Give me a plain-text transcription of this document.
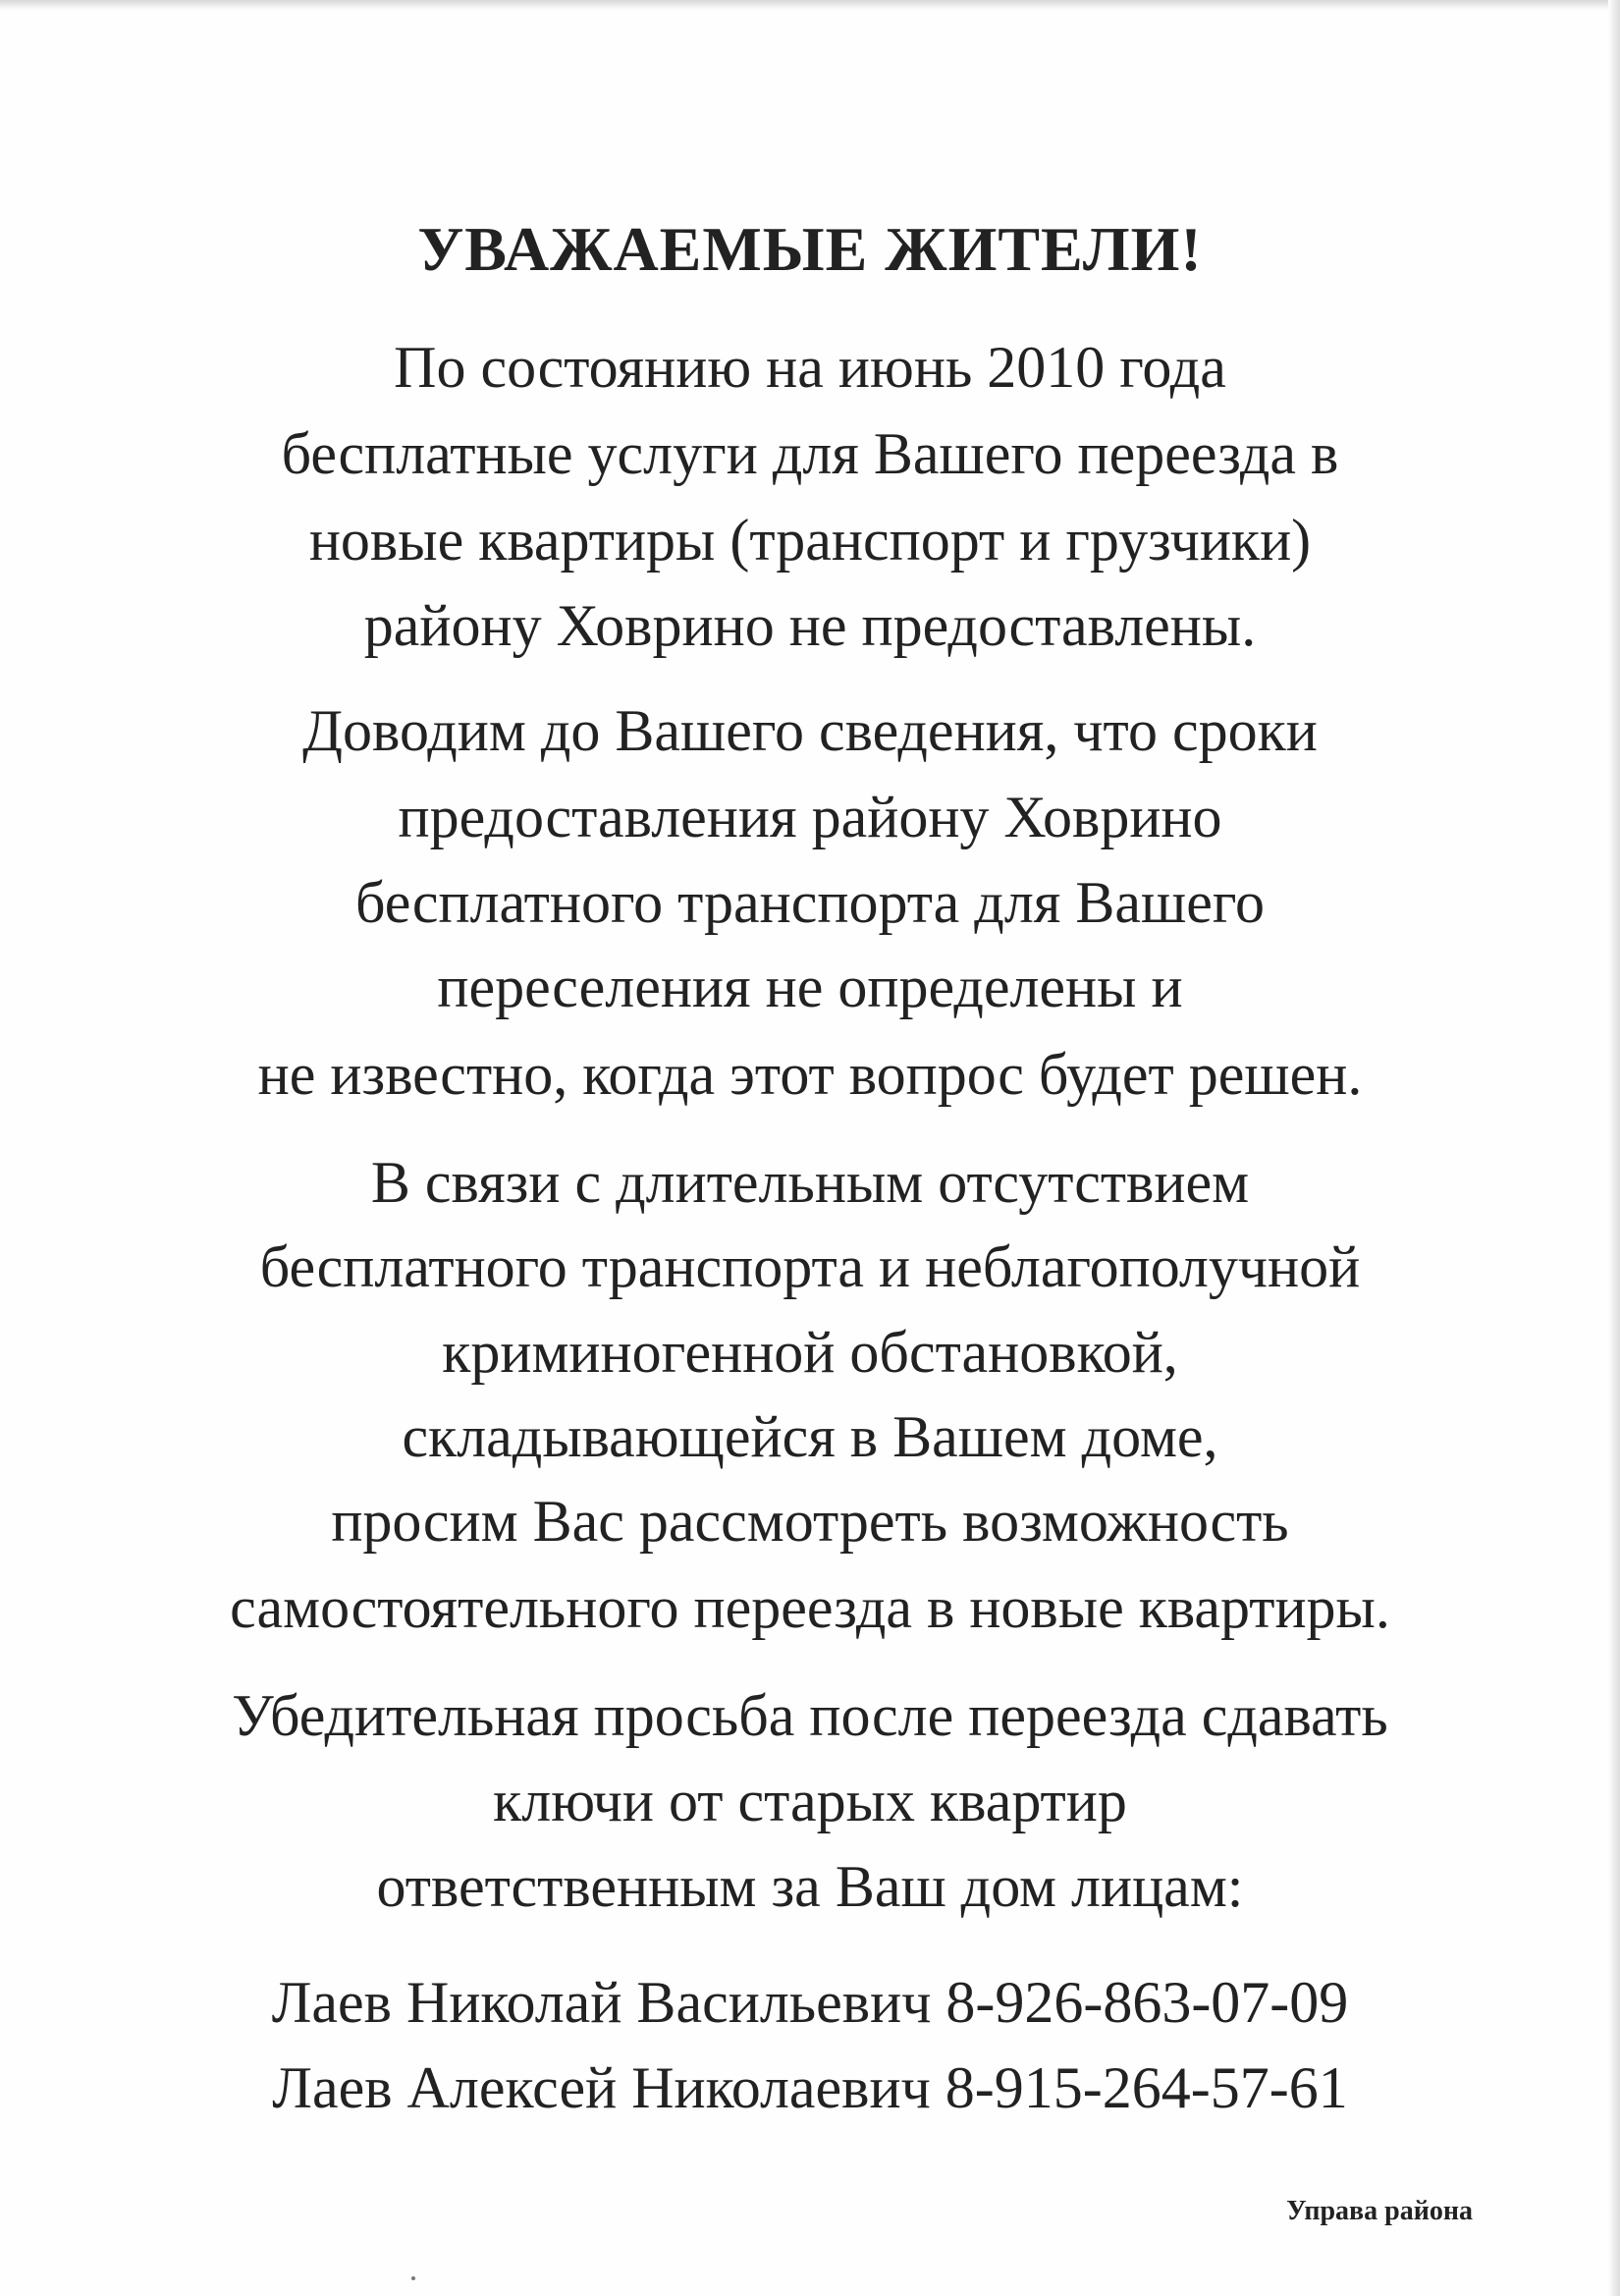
УВАЖАЕМЫЕ ЖИТЕЛИ!
По состоянию на июнь 2010 года
бесплатные услуги для Вашего переезда в
новые квартиры (транспорт и грузчики)
району Ховрино не предоставлены.
Доводим до Вашего сведения, что сроки
предоставления району Ховрино
бесплатного транспорта для Вашего
переселения не определены и
не известно, когда этот вопрос будет решен.
В связи с длительным отсутствием
бесплатного транспорта и неблагополучной
криминогенной обстановкой,
складывающейся в Вашем доме,
просим Вас рассмотреть возможность
самостоятельного переезда в новые квартиры.
Убедительная просьба после переезда сдавать
ключи от старых квартир
ответственным за Ваш дом лицам:
Лаев Николай Васильевич 8-926-863-07-09
Лаев Алексей Николаевич 8-915-264-57-61
Управа района
